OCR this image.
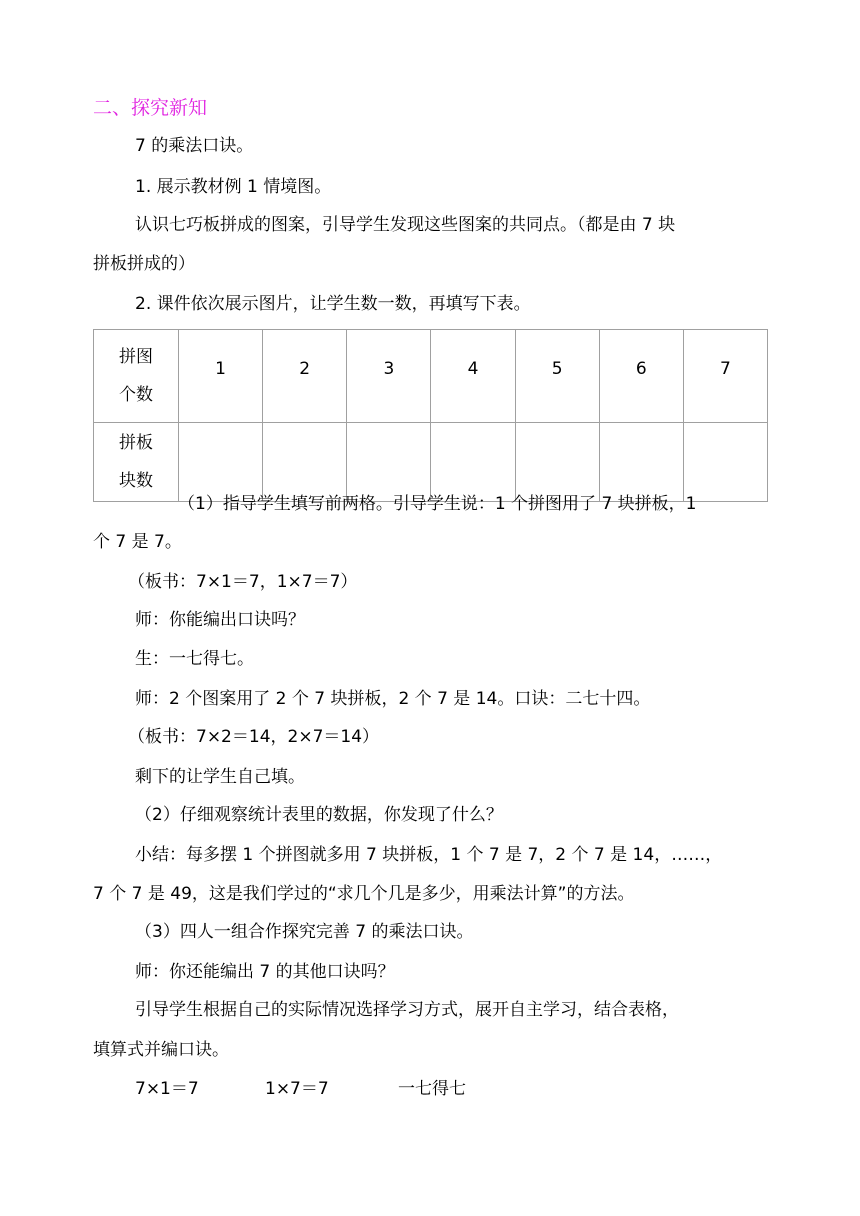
二、探究新知
7 的乘法口诀。
1. 展示教材例 1 情境图。
认识七巧板拼成的图案，引导学生发现这些图案的共同点。（都是由 7 块
拼板拼成的）
2. 课件依次展示图片，让学生数一数，再填写下表。
拼图
个数	1	2	3	4	5	6	7

拼板
块数							

（1）指导学生填写前两格。引导学生说：1 个拼图用了 7 块拼板，1
个 7 是 7。
（板书：7×1＝7，1×7＝7）
师：你能编出口诀吗？
生：一七得七。
师：2 个图案用了 2 个 7 块拼板，2 个 7 是 14。口诀：二七十四。
（板书：7×2＝14，2×7＝14）
剩下的让学生自己填。
（2）仔细观察统计表里的数据，你发现了什么？
小结：每多摆 1 个拼图就多用 7 块拼板，1 个 7 是 7，2 个 7 是 14，……，
7 个 7 是 49，这是我们学过的“求几个几是多少，用乘法计算”的方法。
（3）四人一组合作探究完善 7 的乘法口诀。
师：你还能编出 7 的其他口诀吗？
引导学生根据自己的实际情况选择学习方式，展开自主学习，结合表格，
填算式并编口诀。
7×1＝7	1×7＝7	一七得七
